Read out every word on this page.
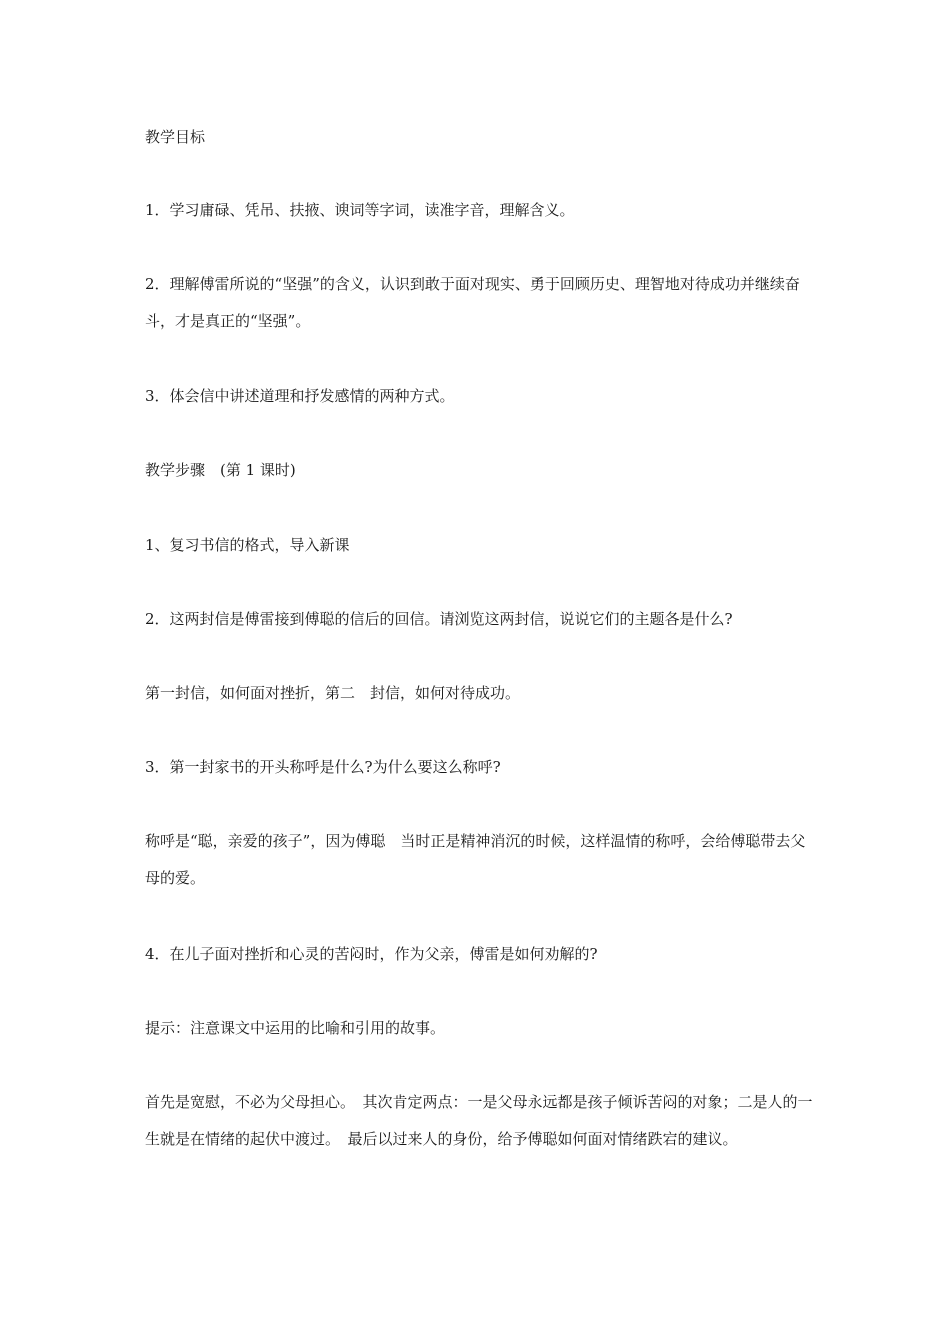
教学目标

1．学习庸碌、凭吊、扶掖、谀词等字词，读准字音，理解含义。

2．理解傅雷所说的“坚强”的含义，认识到敢于面对现实、勇于回顾历史、理智地对待成功并继续奋斗，才是真正的“坚强”。

3．体会信中讲述道理和抒发感情的两种方式。

教学步骤　(第 1 课时)

1、复习书信的格式，导入新课

2．这两封信是傅雷接到傅聪的信后的回信。请浏览这两封信，说说它们的主题各是什么?

第一封信，如何面对挫折，第二　封信，如何对待成功。

3．第一封家书的开头称呼是什么?为什么要这么称呼?

称呼是“聪，亲爱的孩子”，因为傅聪　当时正是精神消沉的时候，这样温情的称呼，会给傅聪带去父母的爱。

4．在儿子面对挫折和心灵的苦闷时，作为父亲，傅雷是如何劝解的?

提示：注意课文中运用的比喻和引用的故事。

首先是宽慰，不必为父母担心。　其次肯定两点：一是父母永远都是孩子倾诉苦闷的对象；二是人的一生就是在情绪的起伏中渡过。　最后以过来人的身份，给予傅聪如何面对情绪跌宕的建议。
